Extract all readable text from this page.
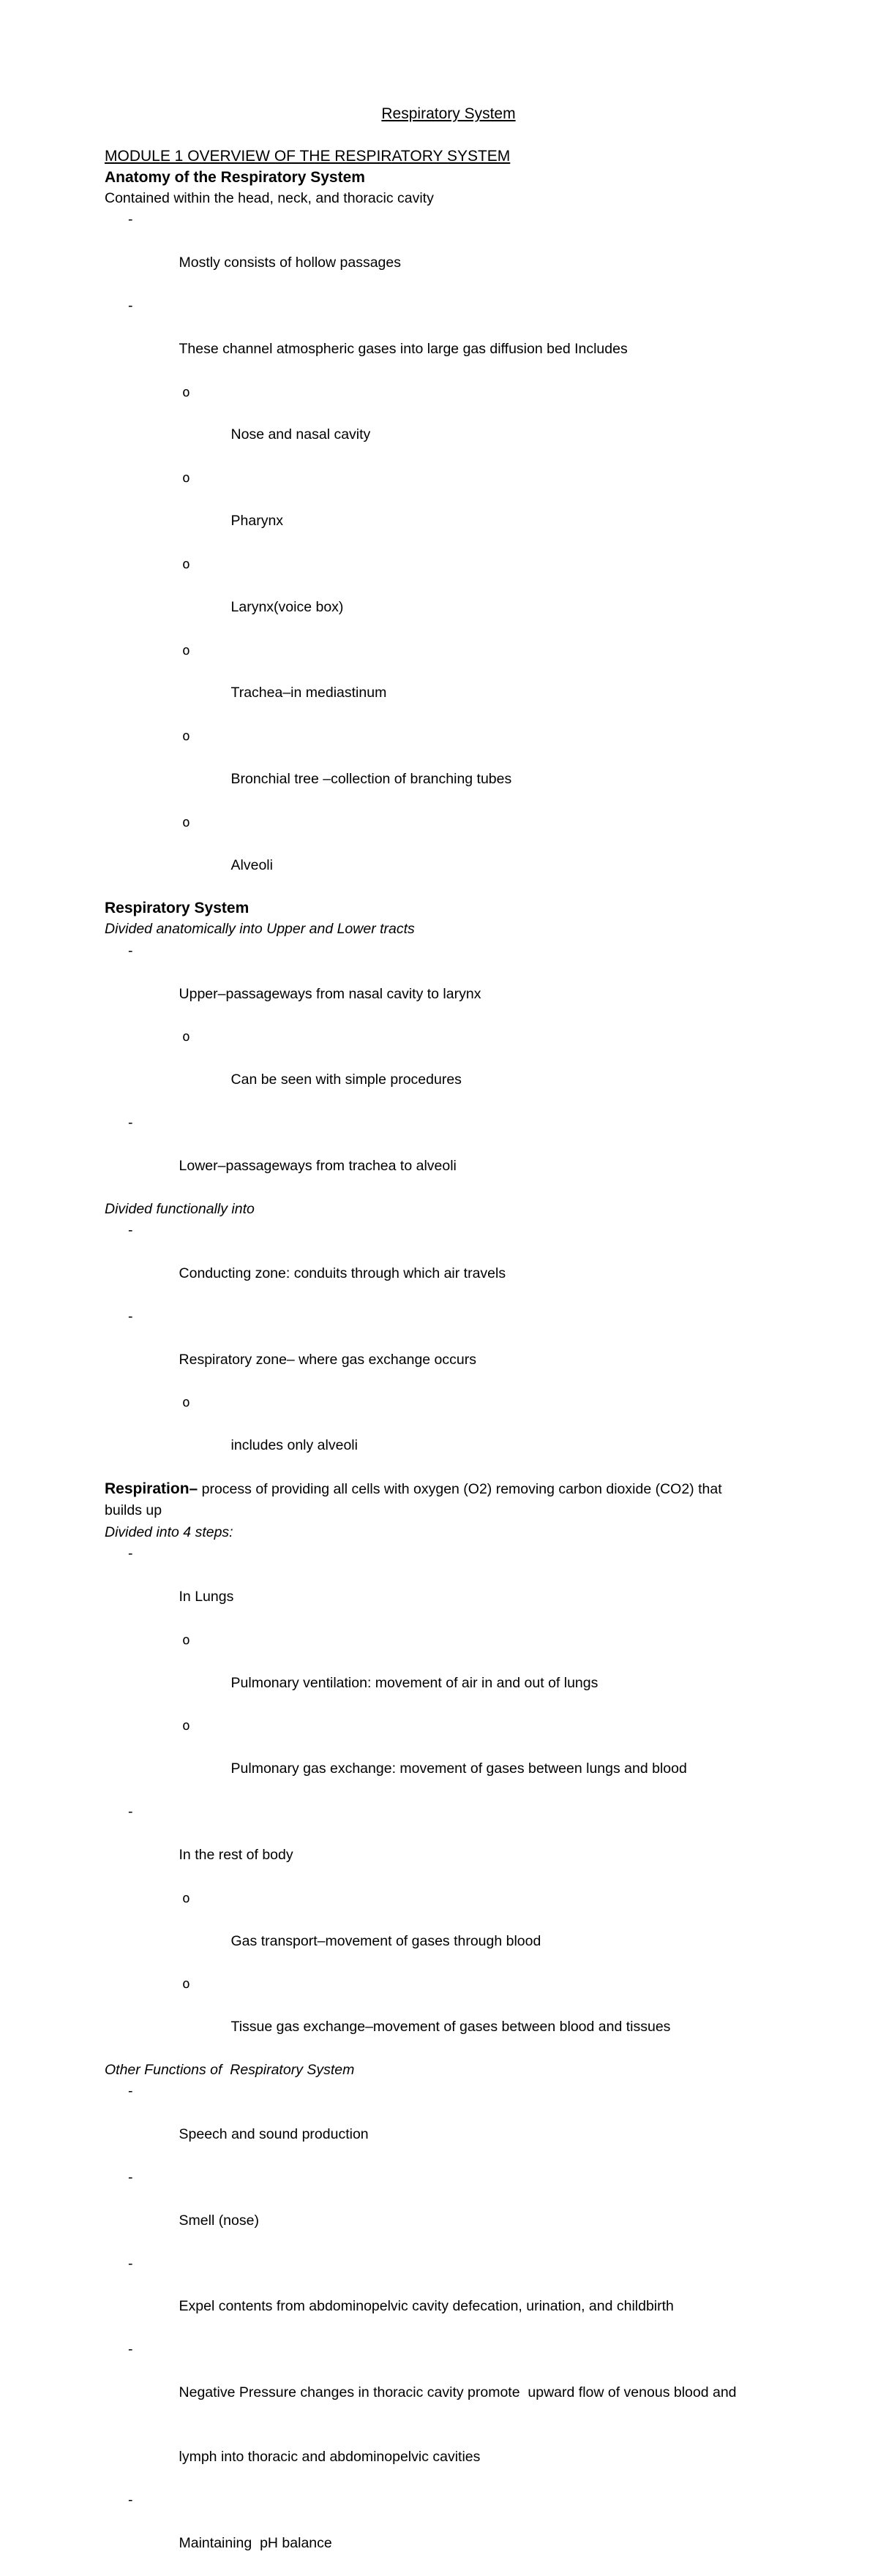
Respiratory System
MODULE 1 OVERVIEW OF THE RESPIRATORY SYSTEM
Anatomy of the Respiratory System
Contained within the head, neck, and thoracic cavity

-

Mostly consists of hollow passages

-

These channel atmospheric gases into large gas diffusion bed Includes

o

Nose and nasal cavity

o

Pharynx

o

Larynx(voice box)

o

Trachea–in mediastinum

o

Bronchial tree –collection of branching tubes

o

Alveoli

Respiratory System
Divided anatomically into Upper and Lower tracts

-

Upper–passageways from nasal cavity to larynx

o

Can be seen with simple procedures

-

Lower–passageways from trachea to alveoli

Divided functionally into

-

Conducting zone: conduits through which air travels

-

Respiratory zone– where gas exchange occurs

o

includes only alveoli

Respiration– process of providing all cells with oxygen (O2) removing carbon dioxide (CO2) that
builds up
Divided into 4 steps:

-

In Lungs

o

Pulmonary ventilation: movement of air in and out of lungs

o

Pulmonary gas exchange: movement of gases between lungs and blood

-

In the rest of body

o

Gas transport–movement of gases through blood

o

Tissue gas exchange–movement of gases between blood and tissues

Other Functions of  Respiratory System

-

Speech and sound production

-

Smell (nose)

-

Expel contents from abdominopelvic cavity defecation, urination, and childbirth

-

Negative Pressure changes in thoracic cavity promote  upward flow of venous blood and

lymph into thoracic and abdominopelvic cavities

-

Maintaining  pH balance
